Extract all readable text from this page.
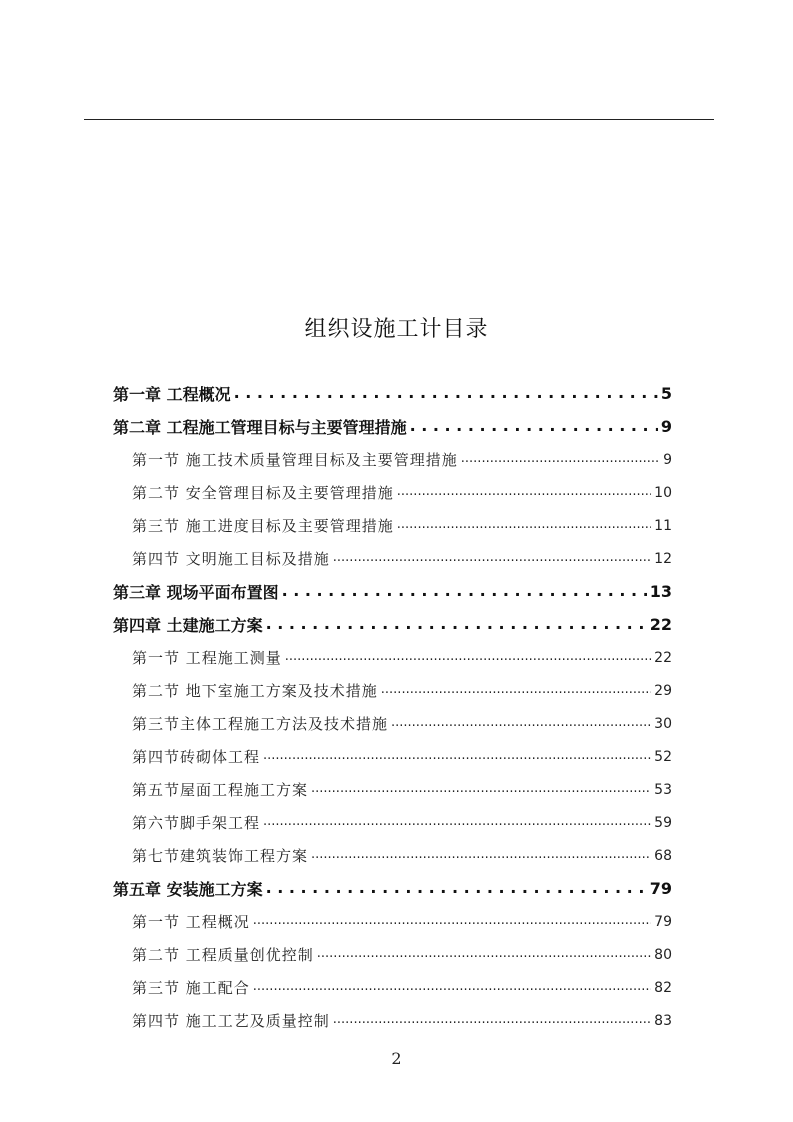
组织设施工计目录
第一章 工程概况 . . .	5
第二章 工程施工管理目标与主要管理措施 . . .	9
第一节 施工技术质量管理目标及主要管理措施 .....	9
第二节 安全管理目标及主要管理措施 .....	10
第三节 施工进度目标及主要管理措施 .....	11
第四节 文明施工目标及措施 .....	12
第三章 现场平面布置图 . . .	13
第四章 土建施工方案 . . .	22
第一节 工程施工测量 .....	22
第二节 地下室施工方案及技术措施 .....	29
第三节主体工程施工方法及技术措施 .....	30
第四节砖砌体工程 .....	52
第五节屋面工程施工方案 .....	53
第六节脚手架工程 .....	59
第七节建筑装饰工程方案 .....	68
第五章 安装施工方案 . . .	79
第一节 工程概况 .....	79
第二节 工程质量创优控制 .....	80
第三节 施工配合 .....	82
第四节 施工工艺及质量控制 .....	83
2
